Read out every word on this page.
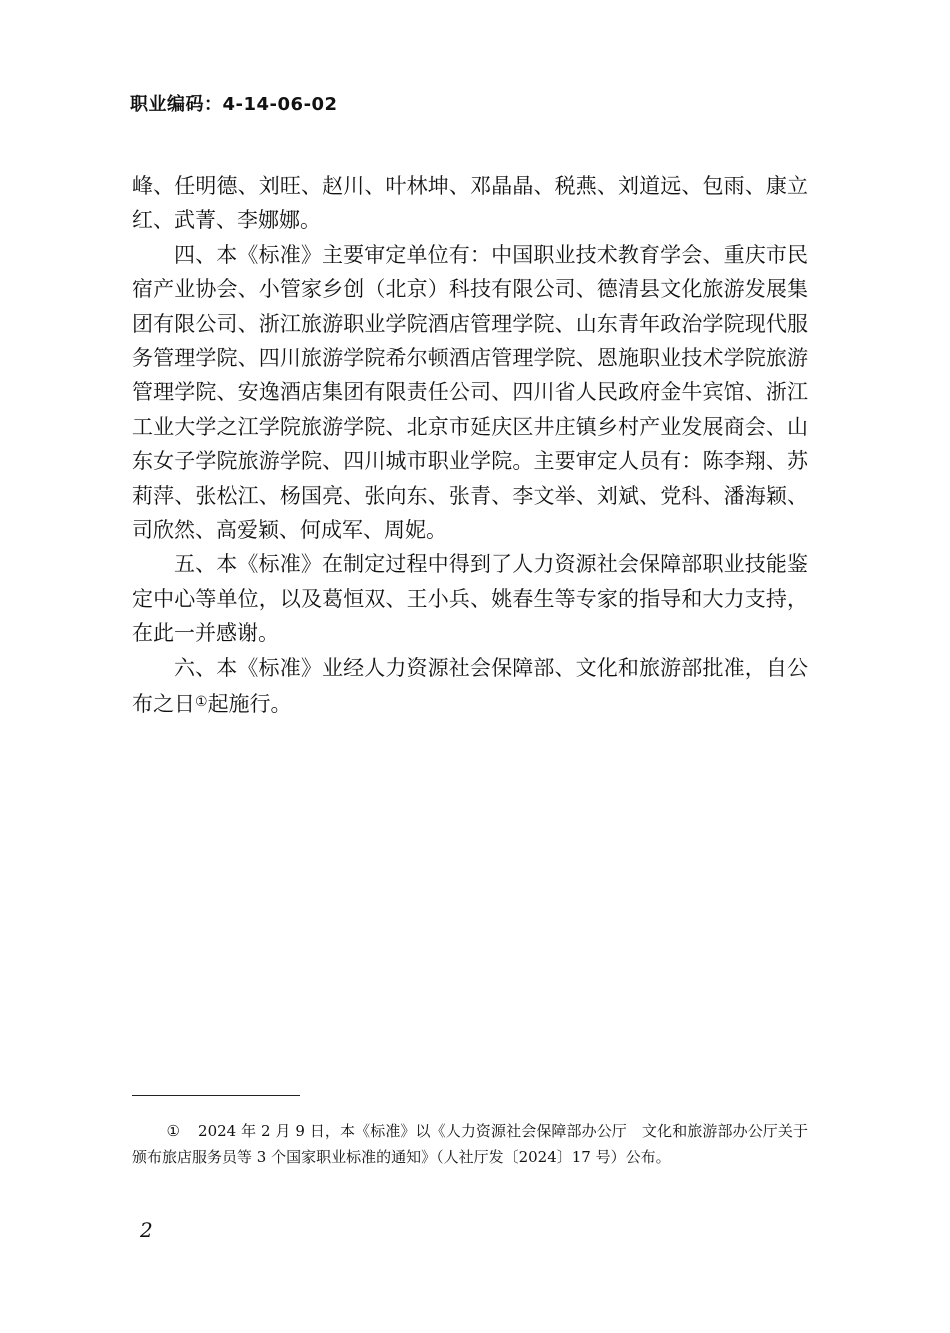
职业编码：4-14-06-02

峰、任明德、刘旺、赵川、叶林坤、邓晶晶、税燕、刘道远、包雨、康立红、武菁、李娜娜。

四、本《标准》主要审定单位有：中国职业技术教育学会、重庆市民宿产业协会、小管家乡创（北京）科技有限公司、德清县文化旅游发展集团有限公司、浙江旅游职业学院酒店管理学院、山东青年政治学院现代服务管理学院、四川旅游学院希尔顿酒店管理学院、恩施职业技术学院旅游管理学院、安逸酒店集团有限责任公司、四川省人民政府金牛宾馆、浙江工业大学之江学院旅游学院、北京市延庆区井庄镇乡村产业发展商会、山东女子学院旅游学院、四川城市职业学院。主要审定人员有：陈李翔、苏莉萍、张松江、杨国亮、张向东、张青、李文举、刘斌、党科、潘海颖、司欣然、高爱颖、何成军、周妮。

五、本《标准》在制定过程中得到了人力资源社会保障部职业技能鉴定中心等单位，以及葛恒双、王小兵、姚春生等专家的指导和大力支持，在此一并感谢。

六、本《标准》业经人力资源社会保障部、文化和旅游部批准，自公布之日①起施行。

① 2024 年 2 月 9 日，本《标准》以《人力资源社会保障部办公厅　文化和旅游部办公厅关于颁布旅店服务员等 3 个国家职业标准的通知》（人社厅发〔2024〕17 号）公布。
2
